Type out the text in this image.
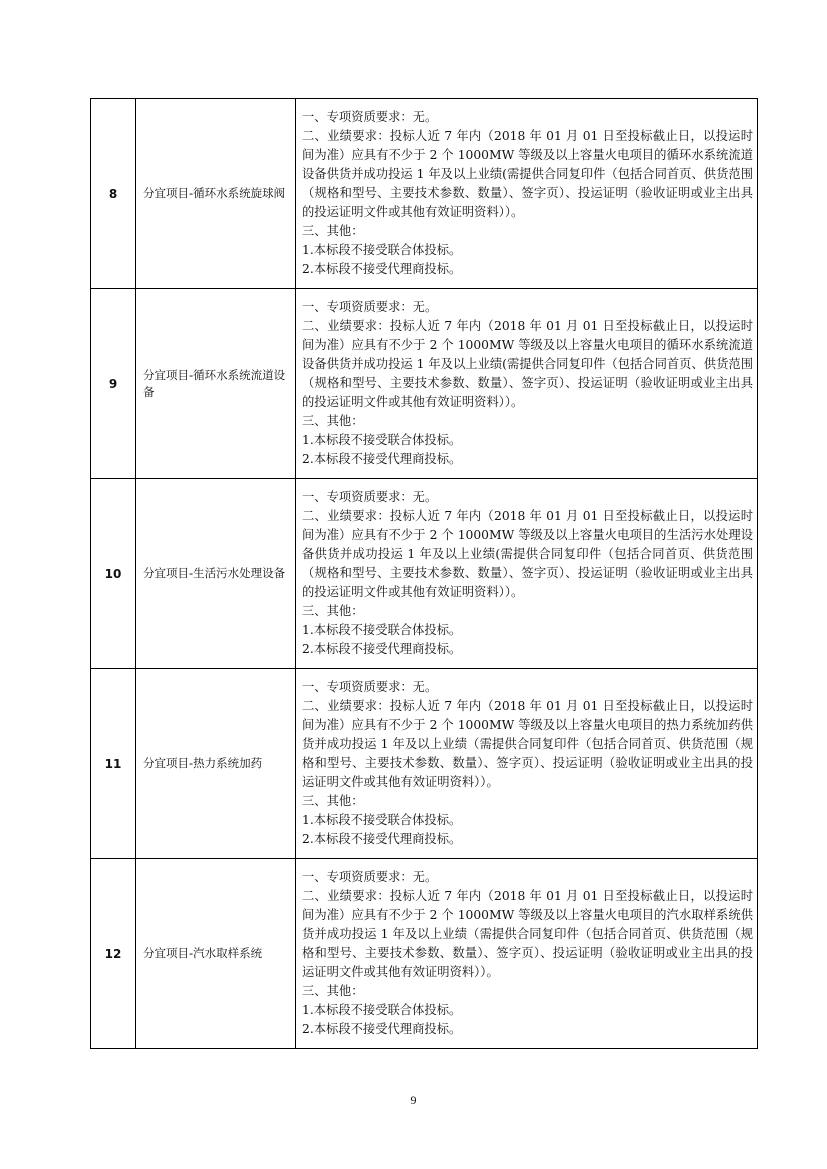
8	分宜项目-循环水系统旋球阀	一、专项资质要求：无。

二、业绩要求：投标人近 7 年内（2018 年 01 月 01 日至投标截止日，以投运时间为准）应具有不少于 2 个 1000MW 等级及以上容量火电项目的循环水系统流道设备供货并成功投运 1 年及以上业绩(需提供合同复印件（包括合同首页、供货范围（规格和型号、主要技术参数、数量）、签字页）、投运证明（验收证明或业主出具的投运证明文件或其他有效证明资料））。

三、其他：

1.本标段不接受联合体投标。

2.本标段不接受代理商投标。

9	分宜项目-循环水系统流道设备	一、专项资质要求：无。

二、业绩要求：投标人近 7 年内（2018 年 01 月 01 日至投标截止日，以投运时间为准）应具有不少于 2 个 1000MW 等级及以上容量火电项目的循环水系统流道设备供货并成功投运 1 年及以上业绩(需提供合同复印件（包括合同首页、供货范围（规格和型号、主要技术参数、数量）、签字页）、投运证明（验收证明或业主出具的投运证明文件或其他有效证明资料））。

三、其他：

1.本标段不接受联合体投标。

2.本标段不接受代理商投标。

10	分宜项目-生活污水处理设备	一、专项资质要求：无。

二、业绩要求：投标人近 7 年内（2018 年 01 月 01 日至投标截止日，以投运时间为准）应具有不少于 2 个 1000MW 等级及以上容量火电项目的生活污水处理设备供货并成功投运 1 年及以上业绩(需提供合同复印件（包括合同首页、供货范围（规格和型号、主要技术参数、数量）、签字页）、投运证明（验收证明或业主出具的投运证明文件或其他有效证明资料））。

三、其他：

1.本标段不接受联合体投标。

2.本标段不接受代理商投标。

11	分宜项目-热力系统加药	一、专项资质要求：无。

二、业绩要求：投标人近 7 年内（2018 年 01 月 01 日至投标截止日，以投运时间为准）应具有不少于 2 个 1000MW 等级及以上容量火电项目的热力系统加药供货并成功投运 1 年及以上业绩（需提供合同复印件（包括合同首页、供货范围（规格和型号、主要技术参数、数量）、签字页）、投运证明（验收证明或业主出具的投运证明文件或其他有效证明资料））。

三、其他：

1.本标段不接受联合体投标。

2.本标段不接受代理商投标。

12	分宜项目-汽水取样系统	一、专项资质要求：无。

二、业绩要求：投标人近 7 年内（2018 年 01 月 01 日至投标截止日，以投运时间为准）应具有不少于 2 个 1000MW 等级及以上容量火电项目的汽水取样系统供货并成功投运 1 年及以上业绩（需提供合同复印件（包括合同首页、供货范围（规格和型号、主要技术参数、数量）、签字页）、投运证明（验收证明或业主出具的投运证明文件或其他有效证明资料））。

三、其他：

1.本标段不接受联合体投标。

2.本标段不接受代理商投标。

9
